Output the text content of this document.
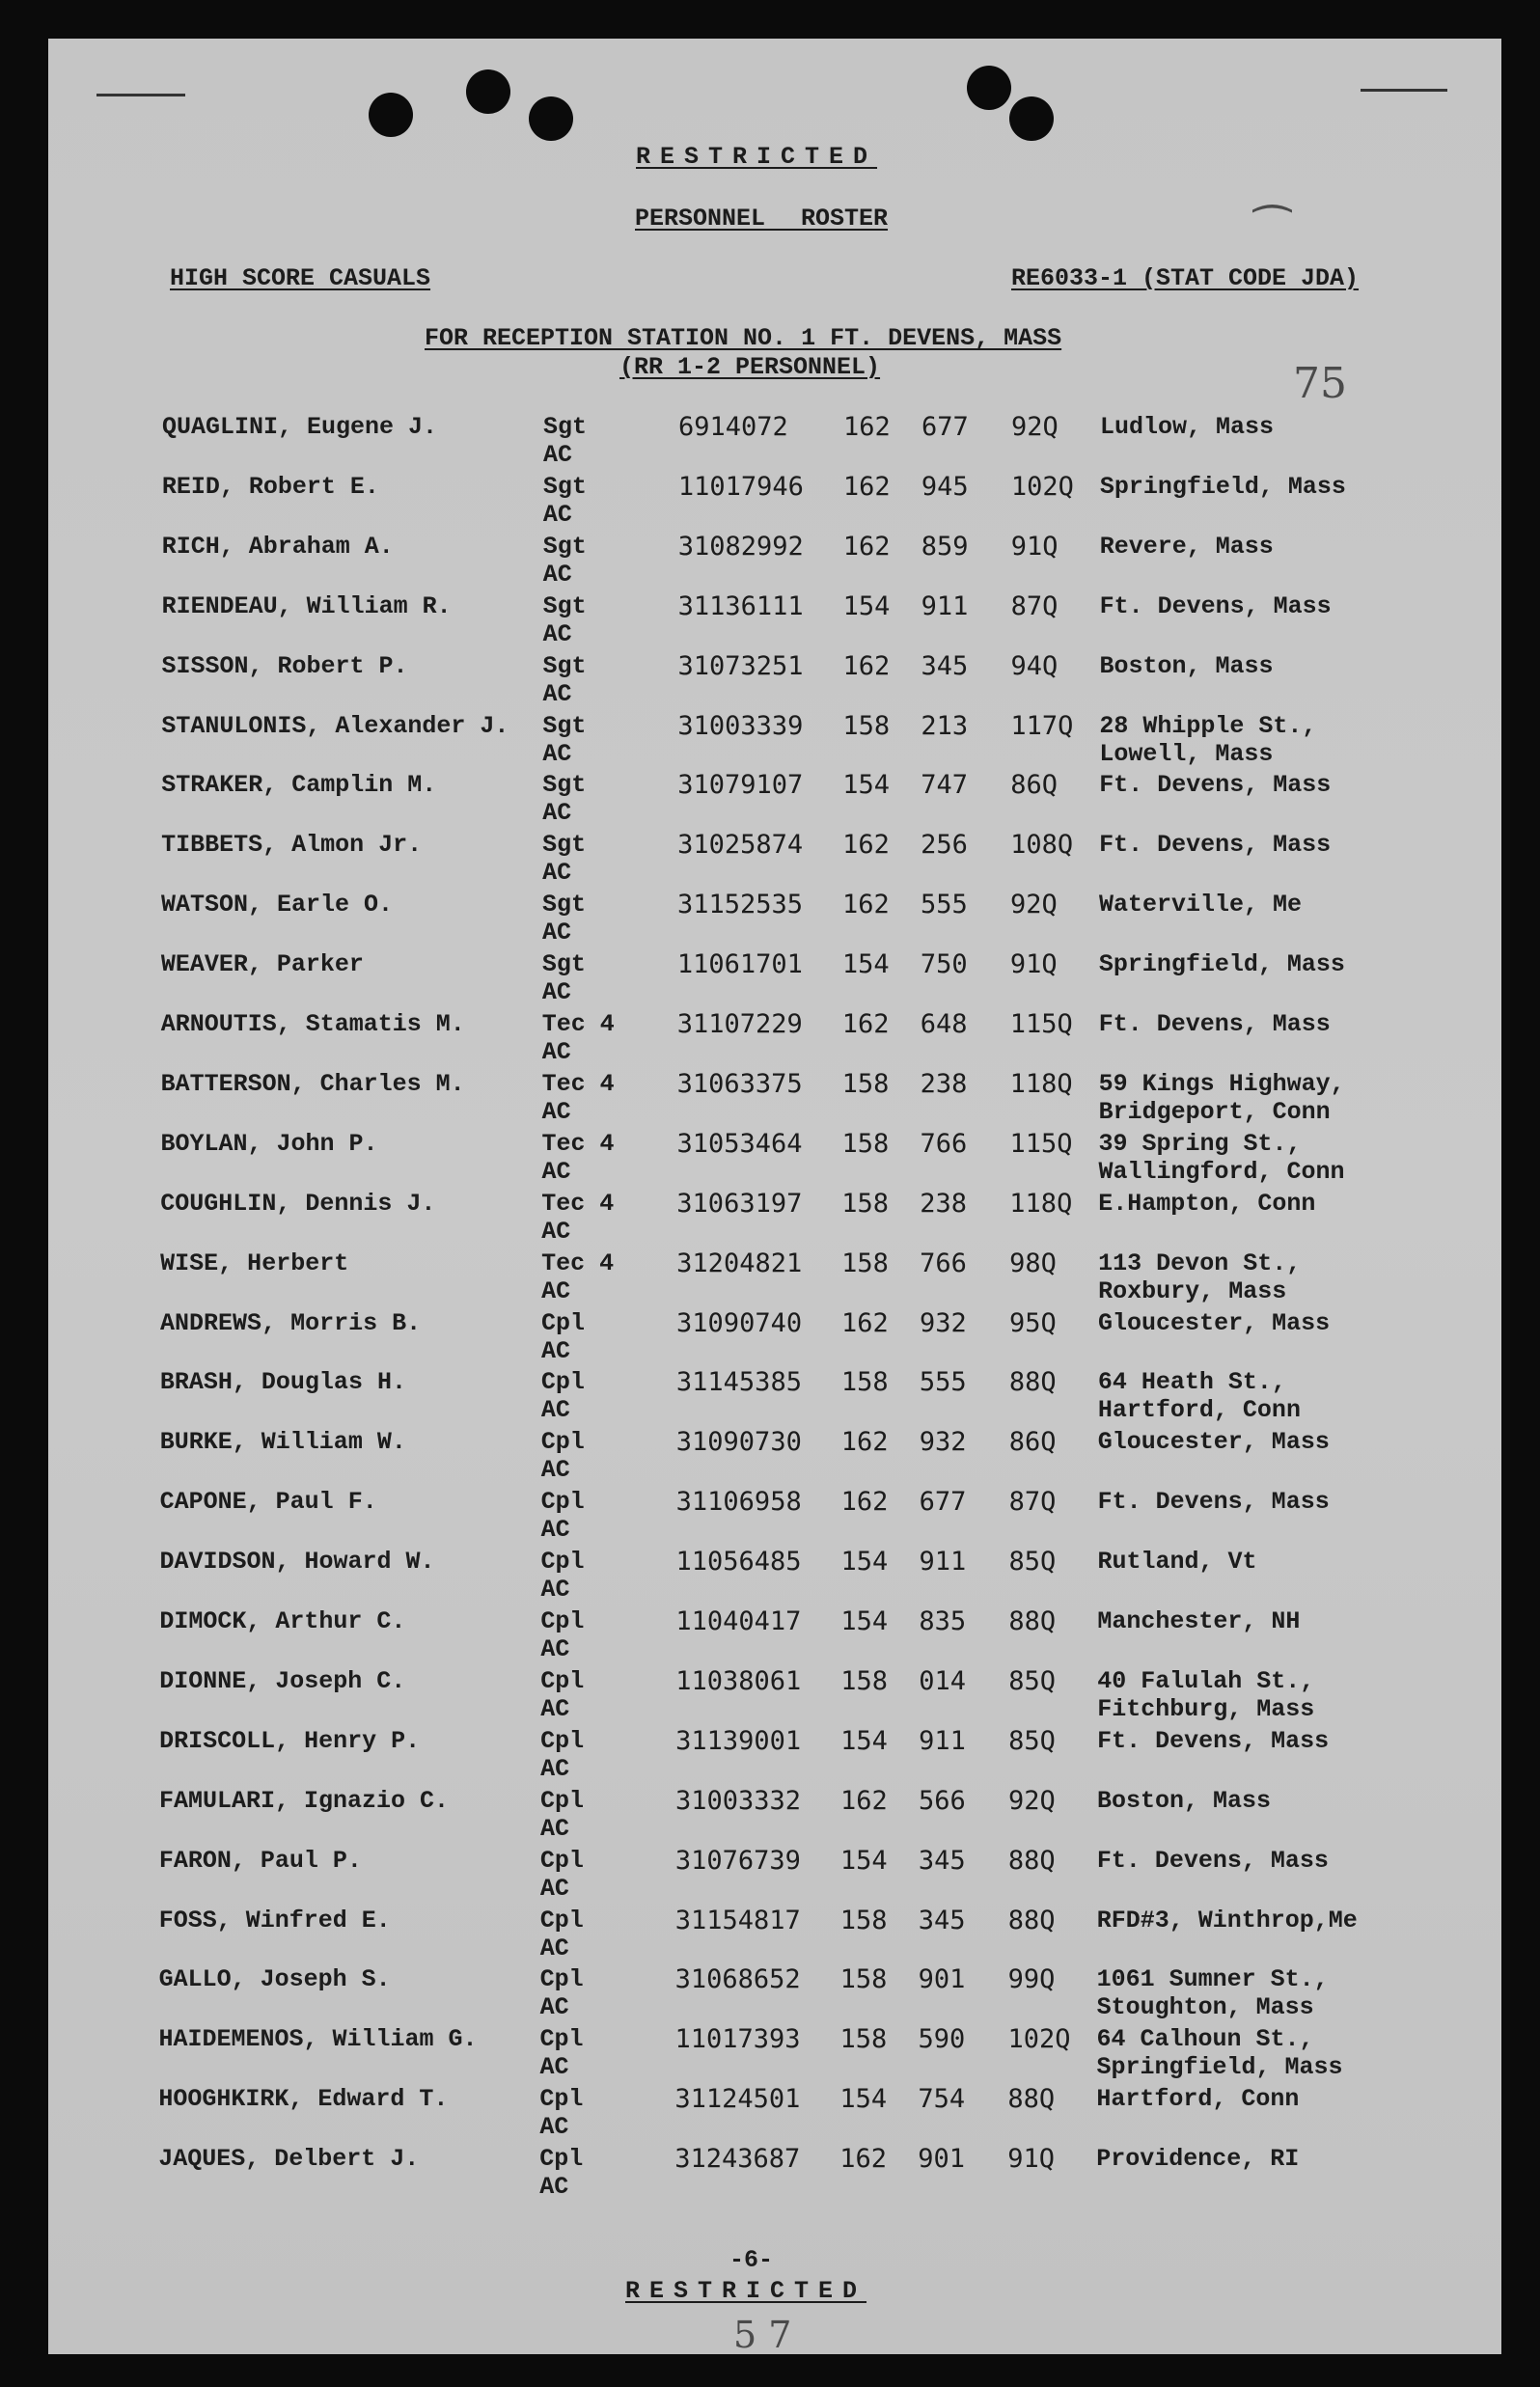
RESTRICTED
PERSONNEL ROSTER
HIGH SCORE CASUALS	RE6033-1 (STAT CODE JDA)
FOR RECEPTION STATION NO. 1 FT. DEVENS, MASS
(RR 1-2 PERSONNEL)	75
⁀
QUAGLINI, Eugene J.	Sgt	6914072 162 677 92Q Ludlow, Mass
AC
REID, Robert E.	Sgt	11017946 162 945 102Q Springfield, Mass
AC
RICH, Abraham A.	Sgt	31082992 162 859 91Q Revere, Mass
AC
RIENDEAU, William R.	Sgt	31136111 154 911 87Q Ft. Devens, Mass
AC
SISSON, Robert P.	Sgt	31073251 162 345 94Q Boston, Mass
AC
STANULONIS, Alexander J. Sgt	31003339 158 213 117Q 28 Whipple St.,
AC	Lowell, Mass
STRAKER, Camplin M.	Sgt	31079107 154 747 86Q Ft. Devens, Mass
AC
TIBBETS, Almon Jr.	Sgt	31025874 162 256 108Q Ft. Devens, Mass
AC
WATSON, Earle O.	Sgt	31152535 162 555 92Q Waterville, Me
AC
WEAVER, Parker	Sgt	11061701 154 750 91Q Springfield, Mass
AC
ARNOUTIS, Stamatis M.	Tec 4 31107229 162 648 115Q Ft. Devens, Mass
AC
BATTERSON, Charles M.	Tec 4 31063375 158 238 118Q 59 Kings Highway,
AC	Bridgeport, Conn
BOYLAN, John P.	Tec 4 31053464 158 766 115Q 39 Spring St.,
AC	Wallingford, Conn
COUGHLIN, Dennis J.	Tec 4 31063197 158 238 118Q E.Hampton, Conn
AC
WISE, Herbert	Tec 4 31204821 158 766 98Q 113 Devon St.,
AC	Roxbury, Mass
ANDREWS, Morris B.	Cpl	31090740 162 932 95Q Gloucester, Mass
AC
BRASH, Douglas H.	Cpl	31145385 158 555 88Q 64 Heath St.,
AC	Hartford, Conn
BURKE, William W.	Cpl	31090730 162 932 86Q Gloucester, Mass
AC
CAPONE, Paul F.	Cpl	31106958 162 677 87Q Ft. Devens, Mass
AC
DAVIDSON, Howard W.	Cpl	11056485 154 911 85Q Rutland, Vt
AC
DIMOCK, Arthur C.	Cpl	11040417 154 835 88Q Manchester, NH
AC
DIONNE, Joseph C.	Cpl	11038061 158 014 85Q 40 Falulah St.,
AC	Fitchburg, Mass
DRISCOLL, Henry P.	Cpl	31139001 154 911 85Q Ft. Devens, Mass
AC
FAMULARI, Ignazio C.	Cpl	31003332 162 566 92Q Boston, Mass
AC
FARON, Paul P.	Cpl	31076739 154 345 88Q Ft. Devens, Mass
AC
FOSS, Winfred E.	Cpl	31154817 158 345 88Q RFD#3, Winthrop,Me
AC
GALLO, Joseph S.	Cpl	31068652 158 901 99Q 1061 Sumner St.,
AC	Stoughton, Mass
HAIDEMENOS, William G.	Cpl	11017393 158 590 102Q 64 Calhoun St.,
AC	Springfield, Mass
HOOGHKIRK, Edward T.	Cpl	31124501 154 754 88Q Hartford, Conn
AC
JAQUES, Delbert J.	Cpl	31243687 162 901 91Q Providence, RI
AC
-6-
RESTRICTED
5 7
